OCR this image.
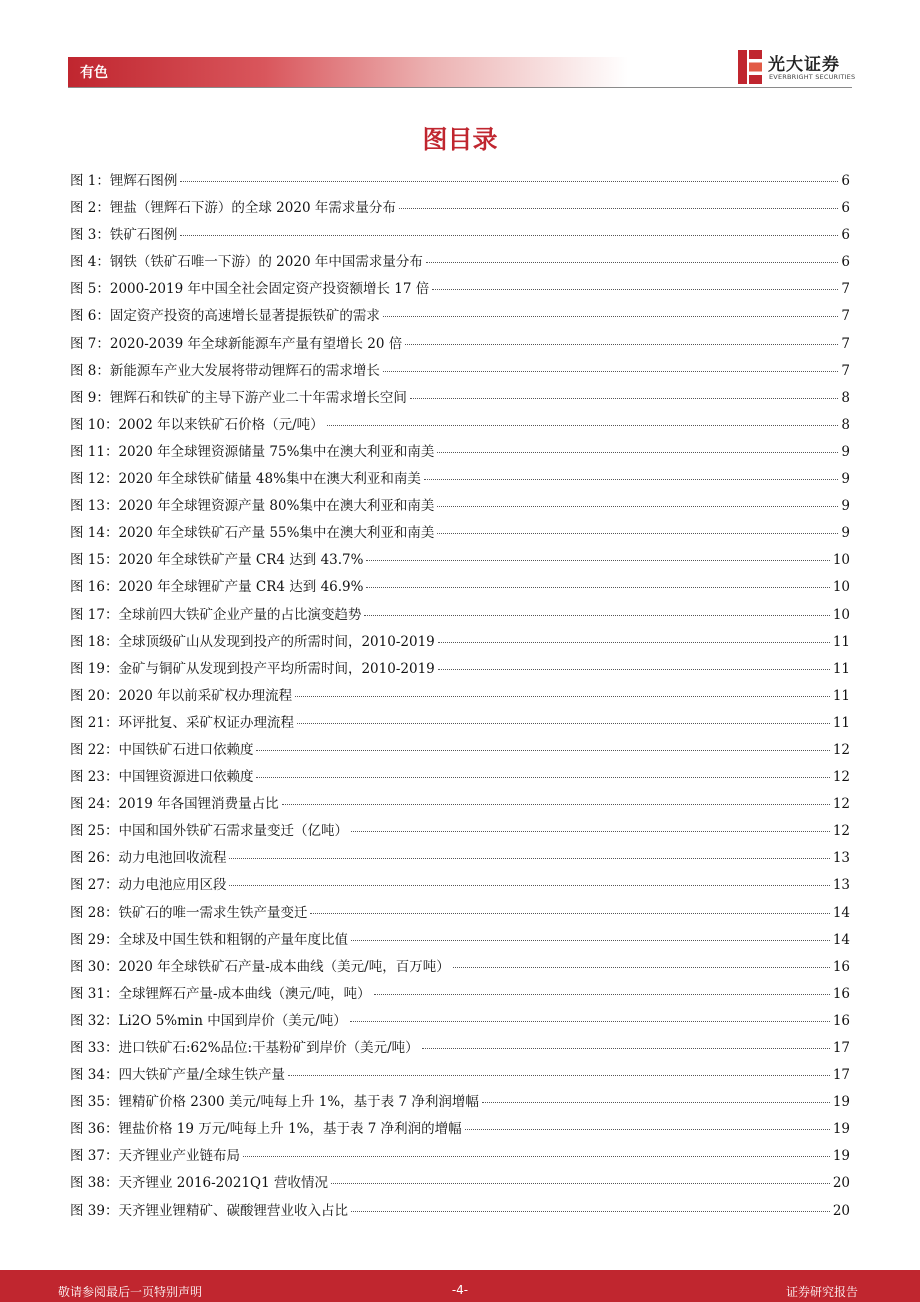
有色	光大证券
EVERBRIGHT SECURITIES
图目录
图 1：锂辉石图例	6
图 2：锂盐（锂辉石下游）的全球 2020 年需求量分布	6
图 3：铁矿石图例	6
图 4：钢铁（铁矿石唯一下游）的 2020 年中国需求量分布	6
图 5：2000-2019 年中国全社会固定资产投资额增长 17 倍	7
图 6：固定资产投资的高速增长显著提振铁矿的需求	7
图 7：2020-2039 年全球新能源车产量有望增长 20 倍	7
图 8：新能源车产业大发展将带动锂辉石的需求增长	7
图 9：锂辉石和铁矿的主导下游产业二十年需求增长空间	8
图 10：2002 年以来铁矿石价格（元/吨）	8
图 11：2020 年全球锂资源储量 75%集中在澳大利亚和南美	9
图 12：2020 年全球铁矿储量 48%集中在澳大利亚和南美	9
图 13：2020 年全球锂资源产量 80%集中在澳大利亚和南美	9
图 14：2020 年全球铁矿石产量 55%集中在澳大利亚和南美	9
图 15：2020 年全球铁矿产量 CR4 达到 43.7%	10
图 16：2020 年全球锂矿产量 CR4 达到 46.9%	10
图 17：全球前四大铁矿企业产量的占比演变趋势	10
图 18：全球顶级矿山从发现到投产的所需时间，2010-2019	11
图 19：金矿与铜矿从发现到投产平均所需时间，2010-2019	11
图 20：2020 年以前采矿权办理流程	11
图 21：环评批复、采矿权证办理流程	11
图 22：中国铁矿石进口依赖度	12
图 23：中国锂资源进口依赖度	12
图 24：2019 年各国锂消费量占比	12
图 25：中国和国外铁矿石需求量变迁（亿吨）	12
图 26：动力电池回收流程	13
图 27：动力电池应用区段	13
图 28：铁矿石的唯一需求生铁产量变迁	14
图 29：全球及中国生铁和粗钢的产量年度比值	14
图 30：2020 年全球铁矿石产量-成本曲线（美元/吨，百万吨）	16
图 31：全球锂辉石产量-成本曲线（澳元/吨，吨）	16
图 32：Li2O 5%min 中国到岸价（美元/吨）	16
图 33：进口铁矿石:62%品位:干基粉矿到岸价（美元/吨）	17
图 34：四大铁矿产量/全球生铁产量	17
图 35：锂精矿价格 2300 美元/吨每上升 1%，基于表 7 净利润增幅	19
图 36：锂盐价格 19 万元/吨每上升 1%，基于表 7 净利润的增幅	19
图 37：天齐锂业产业链布局	19
图 38：天齐锂业 2016-2021Q1 营收情况	20
图 39：天齐锂业锂精矿、碳酸锂营业收入占比	20
敬请参阅最后一页特别声明	-4-	证券研究报告
